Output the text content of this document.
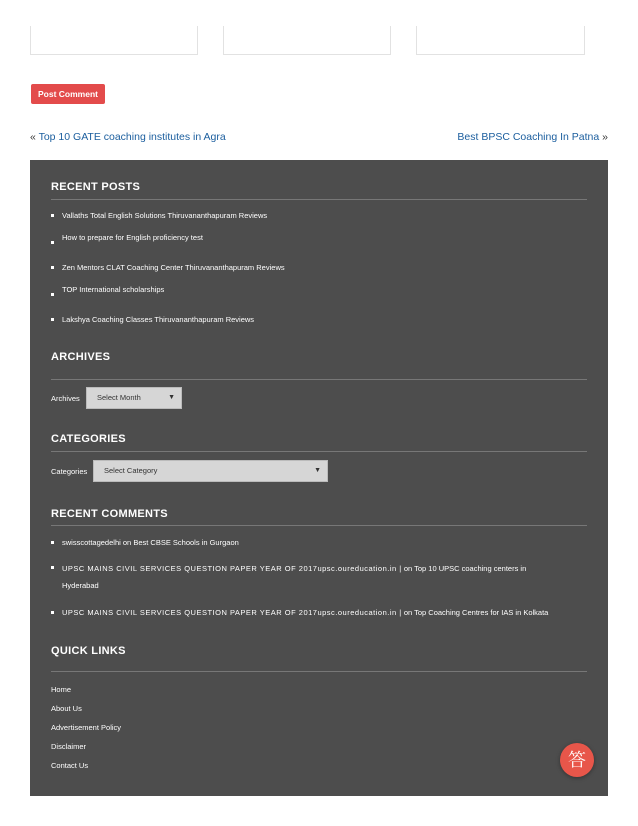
Post Comment
« Top 10 GATE coaching institutes in Agra	Best BPSC Coaching In Patna »
RECENT POSTS
Vallaths Total English Solutions Thiruvananthapuram Reviews
How to prepare for English proficiency test
Zen Mentors CLAT Coaching Center Thiruvananthapuram Reviews
TOP International scholarships
Lakshya Coaching Classes Thiruvananthapuram Reviews
ARCHIVES
Archives	Select Month	▼
CATEGORIES
Categories	Select Category	▼
RECENT COMMENTS
swisscottagedelhi on Best CBSE Schools in Gurgaon
UPSC MAINS CIVIL SERVICES QUESTION PAPER YEAR OF 2017upsc.oureducation.in | on Top 10 UPSC coaching centers in
Hyderabad
UPSC MAINS CIVIL SERVICES QUESTION PAPER YEAR OF 2017upsc.oureducation.in | on Top Coaching Centres for IAS in Kolkata
QUICK LINKS
Home
About Us
Advertisement Policy
Disclaimer
Contact Us	答
